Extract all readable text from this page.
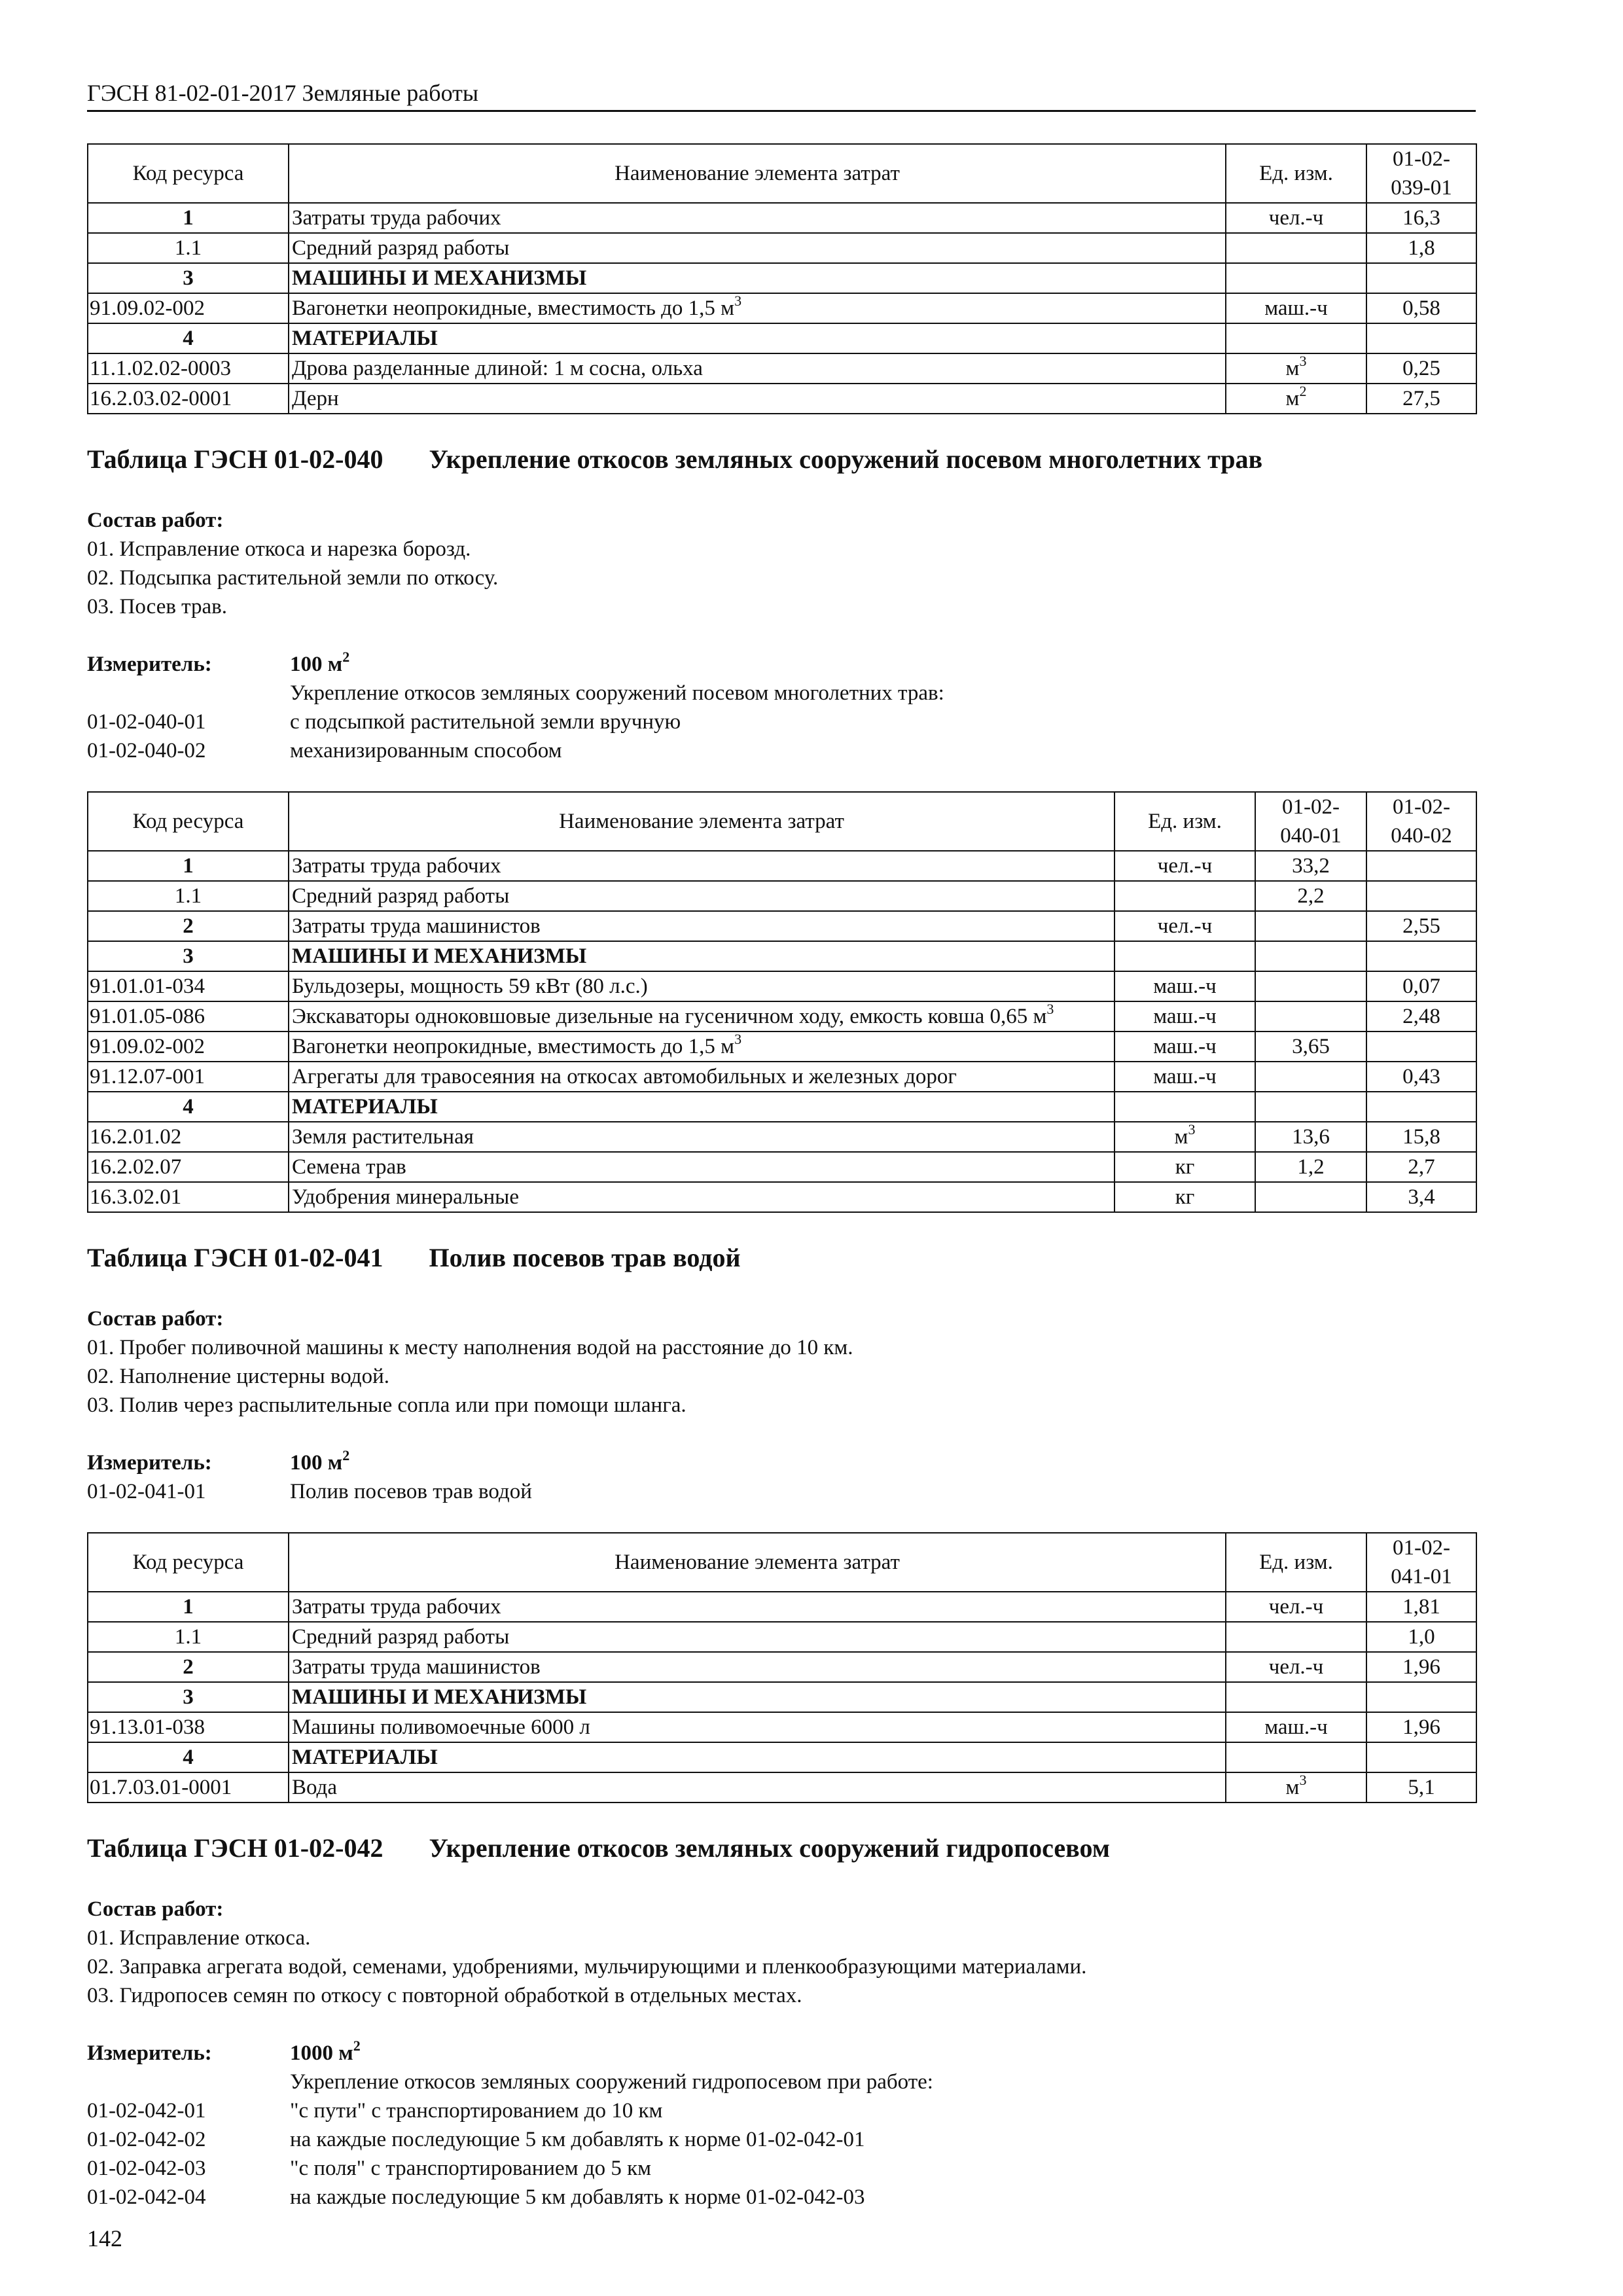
ГЭСН 81-02-01-2017 Земляные работы
Код ресурса	Наименование элемента затрат	Ед. изм.	01-02-
039-01
1	Затраты труда рабочих	чел.-ч	16,3
1.1	Средний разряд работы		1,8
3	МАШИНЫ И МЕХАНИЗМЫ		
91.09.02-002	Вагонетки неопрокидные, вместимость до 1,5 $м^3$	маш.-ч	0,58
4	МАТЕРИАЛЫ		
11.1.02.02-0003	Дрова разделанные длиной: 1 м сосна, ольха	$м^3$	0,25
16.2.03.02-0001	Дерн	$м^2$	27,5
Таблица ГЭСН 01-02-040 Укрепление откосов земляных сооружений посевом многолетних трав
Состав работ:
01. Исправление откоса и нарезка борозд.
02. Подсыпка растительной земли по откосу.
03. Посев трав.
Измеритель:	100 $м^2$
Укрепление откосов земляных сооружений посевом многолетних трав:
01-02-040-01	с подсыпкой растительной земли вручную
01-02-040-02	механизированным способом
Код ресурса	Наименование элемента затрат	Ед. изм.	01-02-
040-01	01-02-
040-02
1	Затраты труда рабочих	чел.-ч	33,2	
1.1	Средний разряд работы		2,2	
2	Затраты труда машинистов	чел.-ч		2,55
3	МАШИНЫ И МЕХАНИЗМЫ			
91.01.01-034	Бульдозеры, мощность 59 кВт (80 л.с.)	маш.-ч		0,07
91.01.05-086	Экскаваторы одноковшовые дизельные на гусеничном ходу, емкость ковша 0,65 $м^3$	маш.-ч		2,48
91.09.02-002	Вагонетки неопрокидные, вместимость до 1,5 $м^3$	маш.-ч	3,65	
91.12.07-001	Агрегаты для травосеяния на откосах автомобильных и железных дорог	маш.-ч		0,43
4	МАТЕРИАЛЫ			
16.2.01.02	Земля растительная	$м^3$	13,6	15,8
16.2.02.07	Семена трав	кг	1,2	2,7
16.3.02.01	Удобрения минеральные	кг		3,4
Таблица ГЭСН 01-02-041 Полив посевов трав водой
Состав работ:
01. Пробег поливочной машины к месту наполнения водой на расстояние до 10 км.
02. Наполнение цистерны водой.
03. Полив через распылительные сопла или при помощи шланга.
Измеритель:	100 $м^2$
01-02-041-01	Полив посевов трав водой
Код ресурса	Наименование элемента затрат	Ед. изм.	01-02-
041-01
1	Затраты труда рабочих	чел.-ч	1,81
1.1	Средний разряд работы		1,0
2	Затраты труда машинистов	чел.-ч	1,96
3	МАШИНЫ И МЕХАНИЗМЫ		
91.13.01-038	Машины поливомоечные 6000 л	маш.-ч	1,96
4	МАТЕРИАЛЫ		
01.7.03.01-0001	Вода	$м^3$	5,1
Таблица ГЭСН 01-02-042 Укрепление откосов земляных сооружений гидропосевом
Состав работ:
01. Исправление откоса.
02. Заправка агрегата водой, семенами, удобрениями, мульчирующими и пленкообразующими материалами.
03. Гидропосев семян по откосу с повторной обработкой в отдельных местах.
Измеритель:	1000 $м^2$
Укрепление откосов земляных сооружений гидропосевом при работе:
01-02-042-01	"с пути" с транспортированием до 10 км
01-02-042-02	на каждые последующие 5 км добавлять к норме 01-02-042-01
01-02-042-03	"с поля" с транспортированием до 5 км
01-02-042-04	на каждые последующие 5 км добавлять к норме 01-02-042-03
142
